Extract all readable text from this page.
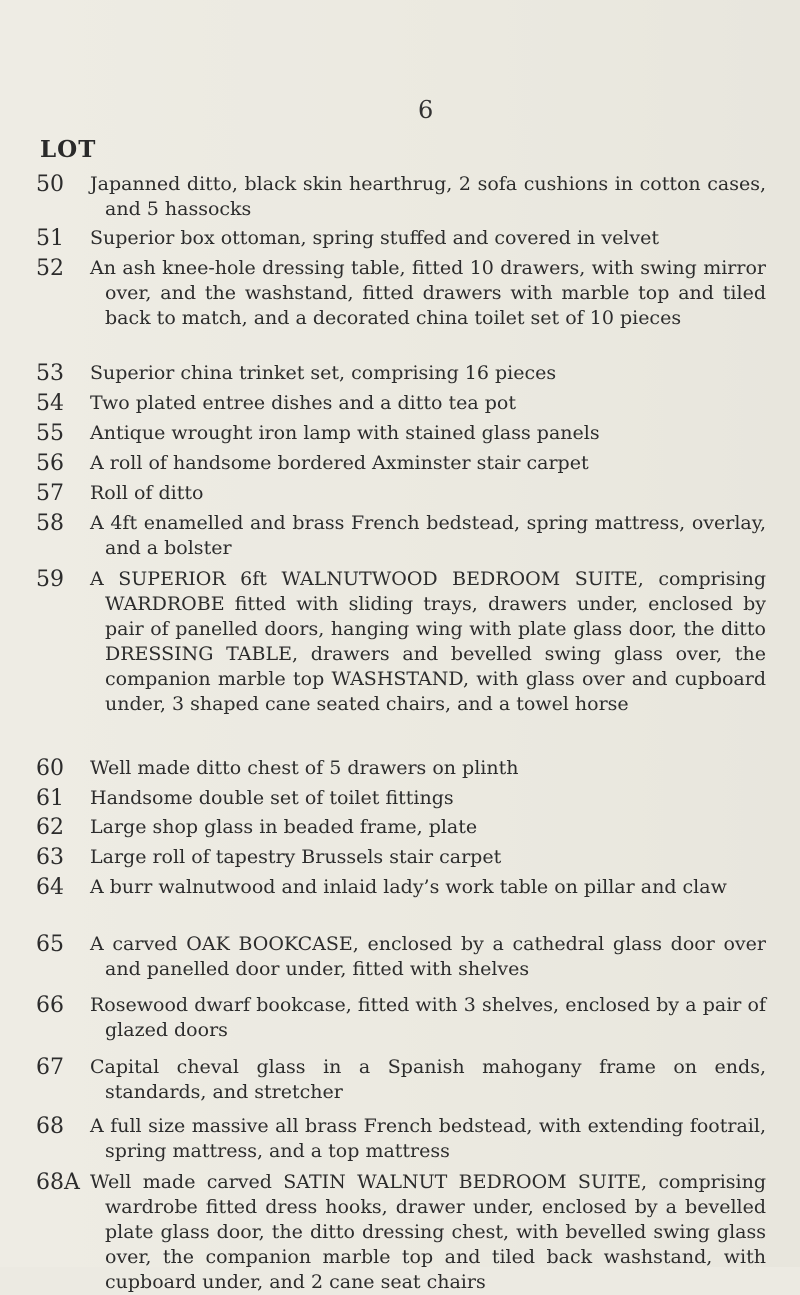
6
LOT
50	Japanned ditto, black skin hearthrug, 2 sofa cushions in cotton cases, and 5 hassocks
51	Superior box ottoman, spring stuffed and covered in velvet
52	An ash knee-hole dressing table, fitted 10 drawers, with swing mirror over, and the washstand, fitted drawers with marble top and tiled back to match, and a decorated china toilet set of 10 pieces
53	Superior china trinket set, comprising 16 pieces
54	Two plated entree dishes and a ditto tea pot
55	Antique wrought iron lamp with stained glass panels
56	A roll of handsome bordered Axminster stair carpet
57	Roll of ditto
58	A 4ft enamelled and brass French bedstead, spring mattress, overlay, and a bolster
59	A SUPERIOR 6ft WALNUTWOOD BEDROOM SUITE, comprising WARDROBE fitted with sliding trays, drawers under, enclosed by pair of panelled doors, hanging wing with plate glass door, the ditto DRESSING TABLE, drawers and bevelled swing glass over, the companion marble top WASHSTAND, with glass over and cupboard under, 3 shaped cane seated chairs, and a towel horse
60	Well made ditto chest of 5 drawers on plinth
61	Handsome double set of toilet fittings
62	Large shop glass in beaded frame, plate
63	Large roll of tapestry Brussels stair carpet
64	A burr walnutwood and inlaid lady’s work table on pillar and claw
65	A carved OAK BOOKCASE, enclosed by a cathedral glass door over and panelled door under, fitted with shelves
66	Rosewood dwarf bookcase, fitted with 3 shelves, enclosed by a pair of glazed doors
67	Capital cheval glass in a Spanish mahogany frame on ends, standards, and stretcher
68	A full size massive all brass French bedstead, with extending footrail, spring mattress, and a top mattress
68A Well made carved SATIN WALNUT BEDROOM SUITE, comprising wardrobe fitted dress hooks, drawer under, enclosed by a bevelled plate glass door, the ditto dressing chest, with bevelled swing glass over, the companion marble top and tiled back washstand, with cupboard under, and 2 cane seat chairs
